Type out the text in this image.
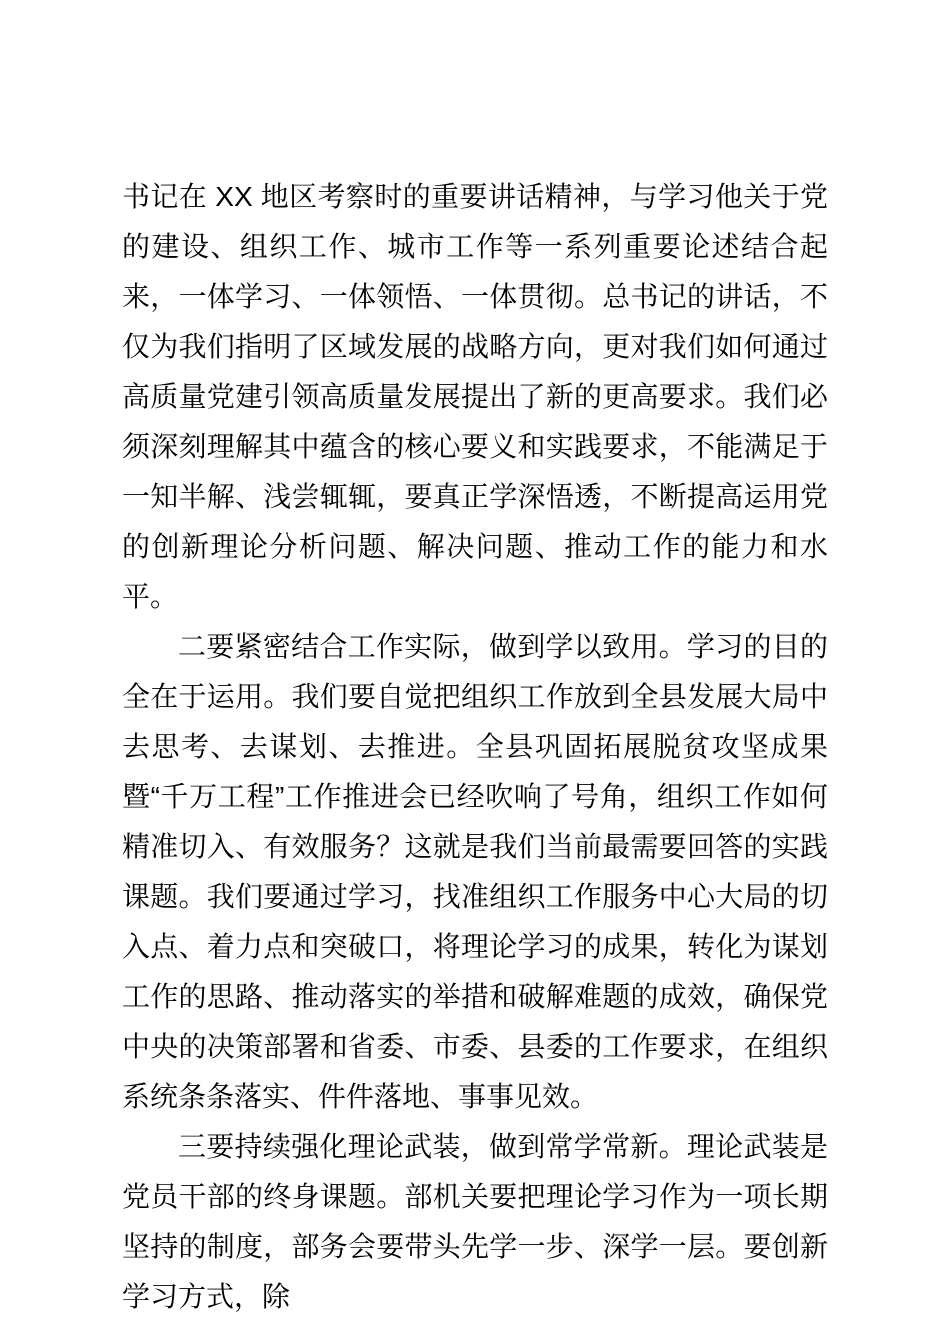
书记在 XX 地区考察时的重要讲话精神，与学习他关于党的建设、组织工作、城市工作等一系列重要论述结合起来，一体学习、一体领悟、一体贯彻。总书记的讲话，不仅为我们指明了区域发展的战略方向，更对我们如何通过高质量党建引领高质量发展提出了新的更高要求。我们必须深刻理解其中蕴含的核心要义和实践要求，不能满足于一知半解、浅尝辄辄，要真正学深悟透，不断提高运用党的创新理论分析问题、解决问题、推动工作的能力和水平。

二要紧密结合工作实际，做到学以致用。学习的目的全在于运用。我们要自觉把组织工作放到全县发展大局中去思考、去谋划、去推进。全县巩固拓展脱贫攻坚成果暨“千万工程”工作推进会已经吹响了号角，组织工作如何精准切入、有效服务？这就是我们当前最需要回答的实践课题。我们要通过学习，找准组织工作服务中心大局的切入点、着力点和突破口，将理论学习的成果，转化为谋划工作的思路、推动落实的举措和破解难题的成效，确保党中央的决策部署和省委、市委、县委的工作要求，在组织系统条条落实、件件落地、事事见效。

三要持续强化理论武装，做到常学常新。理论武装是党员干部的终身课题。部机关要把理论学习作为一项长期坚持的制度，部务会要带头先学一步、深学一层。要创新学习方式，除
